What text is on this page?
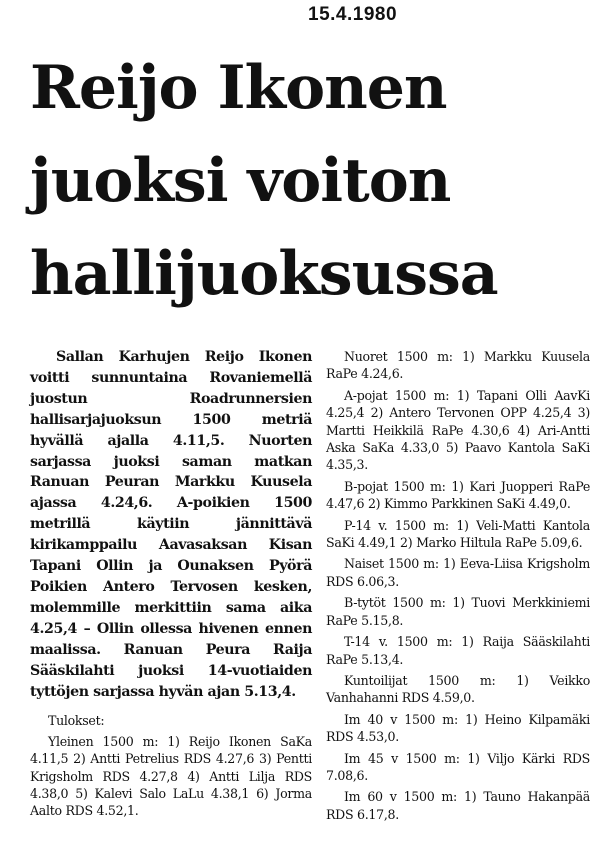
15.4.1980
Reijo Ikonen
juoksi voiton
hallijuoksussa

Sallan Karhujen Reijo Ikonen voitti sunnuntaina Rovaniemellä juostun Roadrunnersien hallisarjajuoksun 1500 metriä hyvällä ajalla 4.11,5. Nuorten sarjassa juoksi saman matkan Ranuan Peuran Markku Kuusela ajassa 4.24,6. A-poikien 1500 metrillä käytiin jännittävä kirikamppailu Aavasaksan Kisan Tapani Ollin ja Ounaksen Pyörä Poikien Antero Tervosen kesken, molemmille merkittiin sama aika 4.25,4 – Ollin ollessa hivenen ennen maalissa. Ranuan Peura Raija Sääskilahti juoksi 14-vuotiaiden tyttöjen sarjassa hyvän ajan 5.13,4.

Tulokset:

Yleinen 1500 m: 1) Reijo Ikonen SaKa 4.11,5 2) Antti Petrelius RDS 4.27,6 3) Pentti Krigsholm RDS 4.27,8 4) Antti Lilja RDS 4.38,0 5) Kalevi Salo LaLu 4.38,1 6) Jorma Aalto RDS 4.52,1.

Nuoret 1500 m: 1) Markku Kuusela RaPe 4.24,6.

A-pojat 1500 m: 1) Tapani Olli AavKi 4.25,4 2) Antero Tervonen OPP 4.25,4 3) Martti Heikkilä RaPe 4.30,6 4) Ari-Antti Aska SaKa 4.33,0 5) Paavo Kantola SaKi 4.35,3.

B-pojat 1500 m: 1) Kari Juopperi RaPe 4.47,6 2) Kimmo Parkkinen SaKi 4.49,0.

P-14 v. 1500 m: 1) Veli-Matti Kantola SaKi 4.49,1 2) Marko Hiltula RaPe 5.09,6.

Naiset 1500 m: 1) Eeva-Liisa Krigsholm RDS 6.06,3.

B-tytöt 1500 m: 1) Tuovi Merkkiniemi RaPe 5.15,8.

T-14 v. 1500 m: 1) Raija Sääskilahti RaPe 5.13,4.

Kuntoilijat 1500 m: 1) Veikko Vanhahanni RDS 4.59,0.

Im 40 v 1500 m: 1) Heino Kilpamäki RDS 4.53,0.

Im 45 v 1500 m: 1) Viljo Kärki RDS 7.08,6.

Im 60 v 1500 m: 1) Tauno Hakanpää RDS 6.17,8.
